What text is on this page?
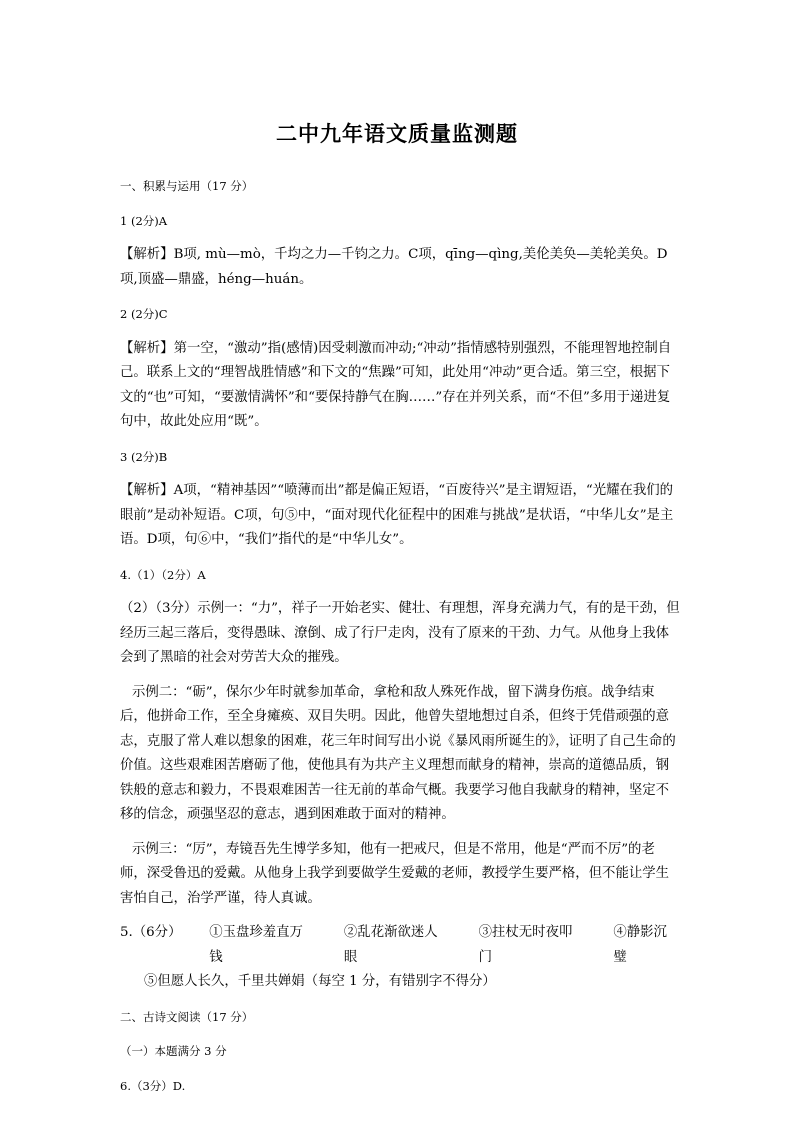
二中九年语文质量监测题
一、积累与运用（17 分）
1 (2分)A
【解析】B项, mù—mò，千均之力—千钧之力。C项，qīng—qìng,美伦美奂—美轮美奂。D项,顶盛—鼎盛，héng—huán。
2 (2分)C
【解析】第一空，“激动”指(感情)因受刺激而冲动;“冲动”指情感特别强烈，不能理智地控制自己。联系上文的“理智战胜情感”和下文的“焦躁”可知，此处用“冲动”更合适。第三空，根据下文的“也”可知，“要激情满怀”和“要保持静气在胸……”存在并列关系，而“不但”多用于递进复句中，故此处应用“既”。
3 (2分)B
【解析】A项，“精神基因”“喷薄而出”都是偏正短语，“百废待兴”是主谓短语，“光耀在我们的眼前”是动补短语。C项，句⑤中，“面对现代化征程中的困难与挑战”是状语，“中华儿女”是主语。D项，句⑥中，“我们”指代的是“中华儿女”。
4.（1）（2分）A
（2）（3分）示例一：“力”，祥子一开始老实、健壮、有理想，浑身充满力气，有的是干劲，但经历三起三落后，变得愚昧、潦倒、成了行尸走肉，没有了原来的干劲、力气。从他身上我体会到了黑暗的社会对劳苦大众的摧残。
示例二：“砺”，保尔少年时就参加革命，拿枪和敌人殊死作战，留下满身伤痕。战争结束后，他拼命工作，至全身瘫痪、双目失明。因此，他曾失望地想过自杀，但终于凭借顽强的意志，克服了常人难以想象的困难，花三年时间写出小说《暴风雨所诞生的》，证明了自己生命的价值。这些艰难困苦磨砺了他，使他具有为共产主义理想而献身的精神，崇高的道德品质，钢铁般的意志和毅力，不畏艰难困苦一往无前的革命气概。我要学习他自我献身的精神，坚定不移的信念，顽强坚忍的意志，遇到困难敢于面对的精神。
示例三：“厉”，寿镜吾先生博学多知，他有一把戒尺，但是不常用，他是“严而不厉”的老师，深受鲁迅的爱戴。从他身上我学到要做学生爱戴的老师，教授学生要严格，但不能让学生害怕自己，治学严谨，待人真诚。
5.（6分） ①玉盘珍羞直万钱
②乱花渐欲迷人眼
③拄杖无时夜叩门
④静影沉璧
⑤但愿人长久，千里共婵娟（每空 1 分，有错别字不得分）
二、古诗文阅读（17 分）
（一）本题满分 3 分
6.（3分）D.
